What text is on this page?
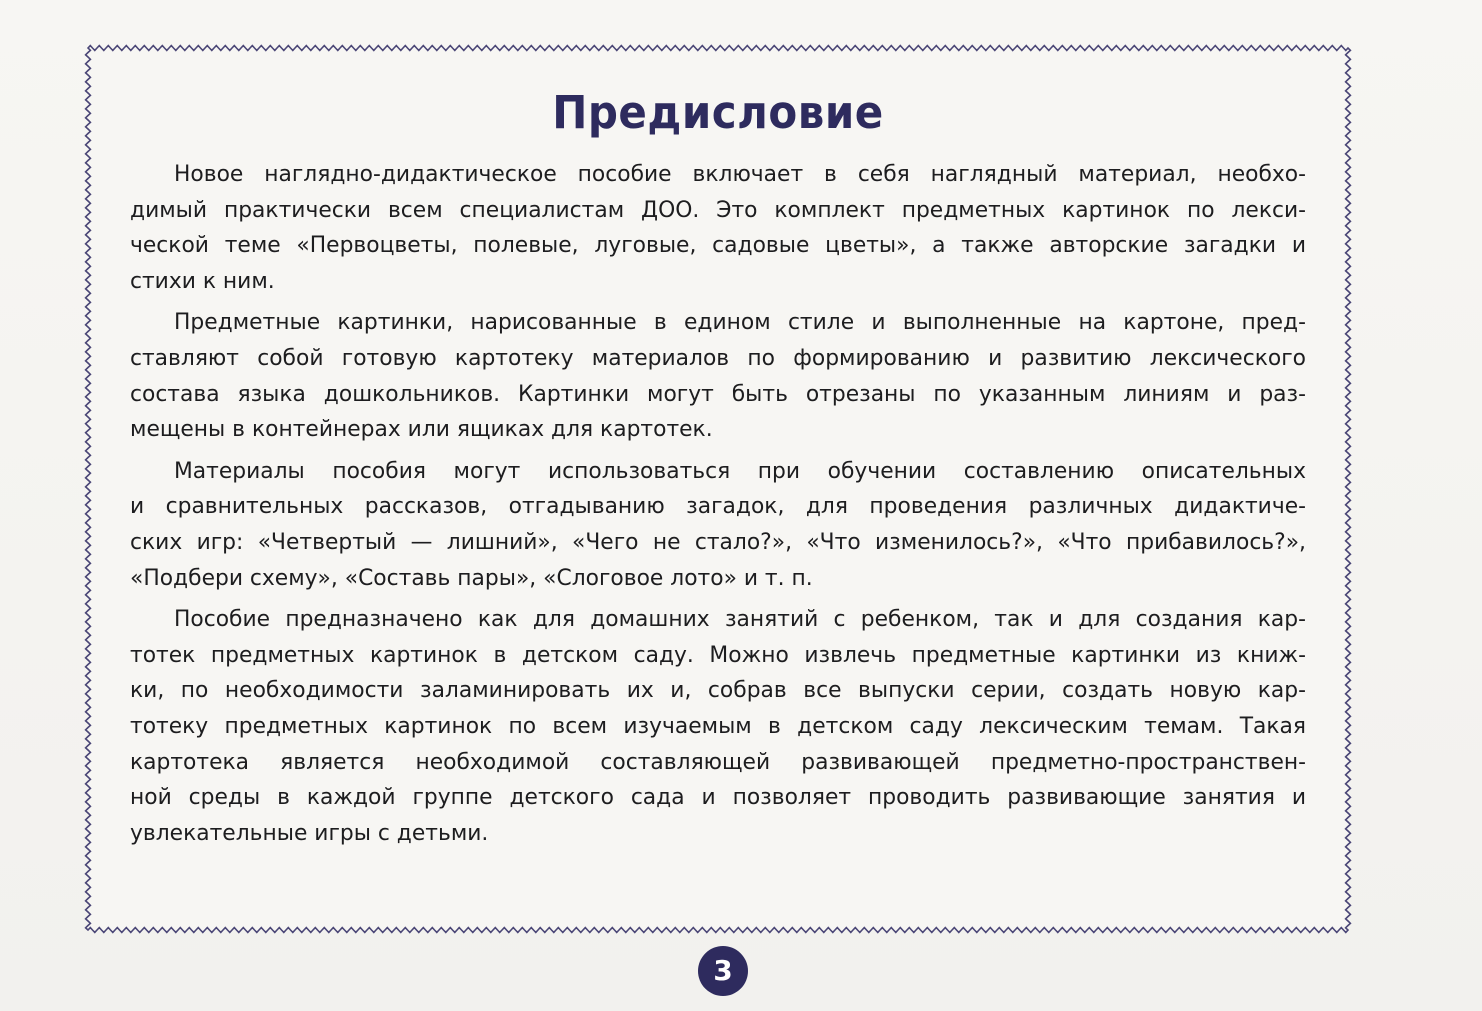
Предисловие
Новое наглядно-дидактическое пособие включает в себя наглядный материал, необхо-
димый практически всем специалистам ДОО. Это комплект предметных картинок по лекси-
ческой теме «Первоцветы, полевые, луговые, садовые цветы», а также авторские загадки и
стихи к ним.
Предметные картинки, нарисованные в едином стиле и выполненные на картоне, пред-
ставляют собой готовую картотеку материалов по формированию и развитию лексического
состава языка дошкольников. Картинки могут быть отрезаны по указанным линиям и раз-
мещены в контейнерах или ящиках для картотек.
Материалы пособия могут использоваться при обучении составлению описательных
и сравнительных рассказов, отгадыванию загадок, для проведения различных дидактиче-
ских игр: «Четвертый — лишний», «Чего не стало?», «Что изменилось?», «Что прибавилось?»,
«Подбери схему», «Составь пары», «Слоговое лото» и т. п.
Пособие предназначено как для домашних занятий с ребенком, так и для создания кар-
тотек предметных картинок в детском саду. Можно извлечь предметные картинки из книж-
ки, по необходимости заламинировать их и, собрав все выпуски серии, создать новую кар-
тотеку предметных картинок по всем изучаемым в детском саду лексическим темам. Такая
картотека является необходимой составляющей развивающей предметно-пространствен-
ной среды в каждой группе детского сада и позволяет проводить развивающие занятия и
увлекательные игры с детьми.
3
